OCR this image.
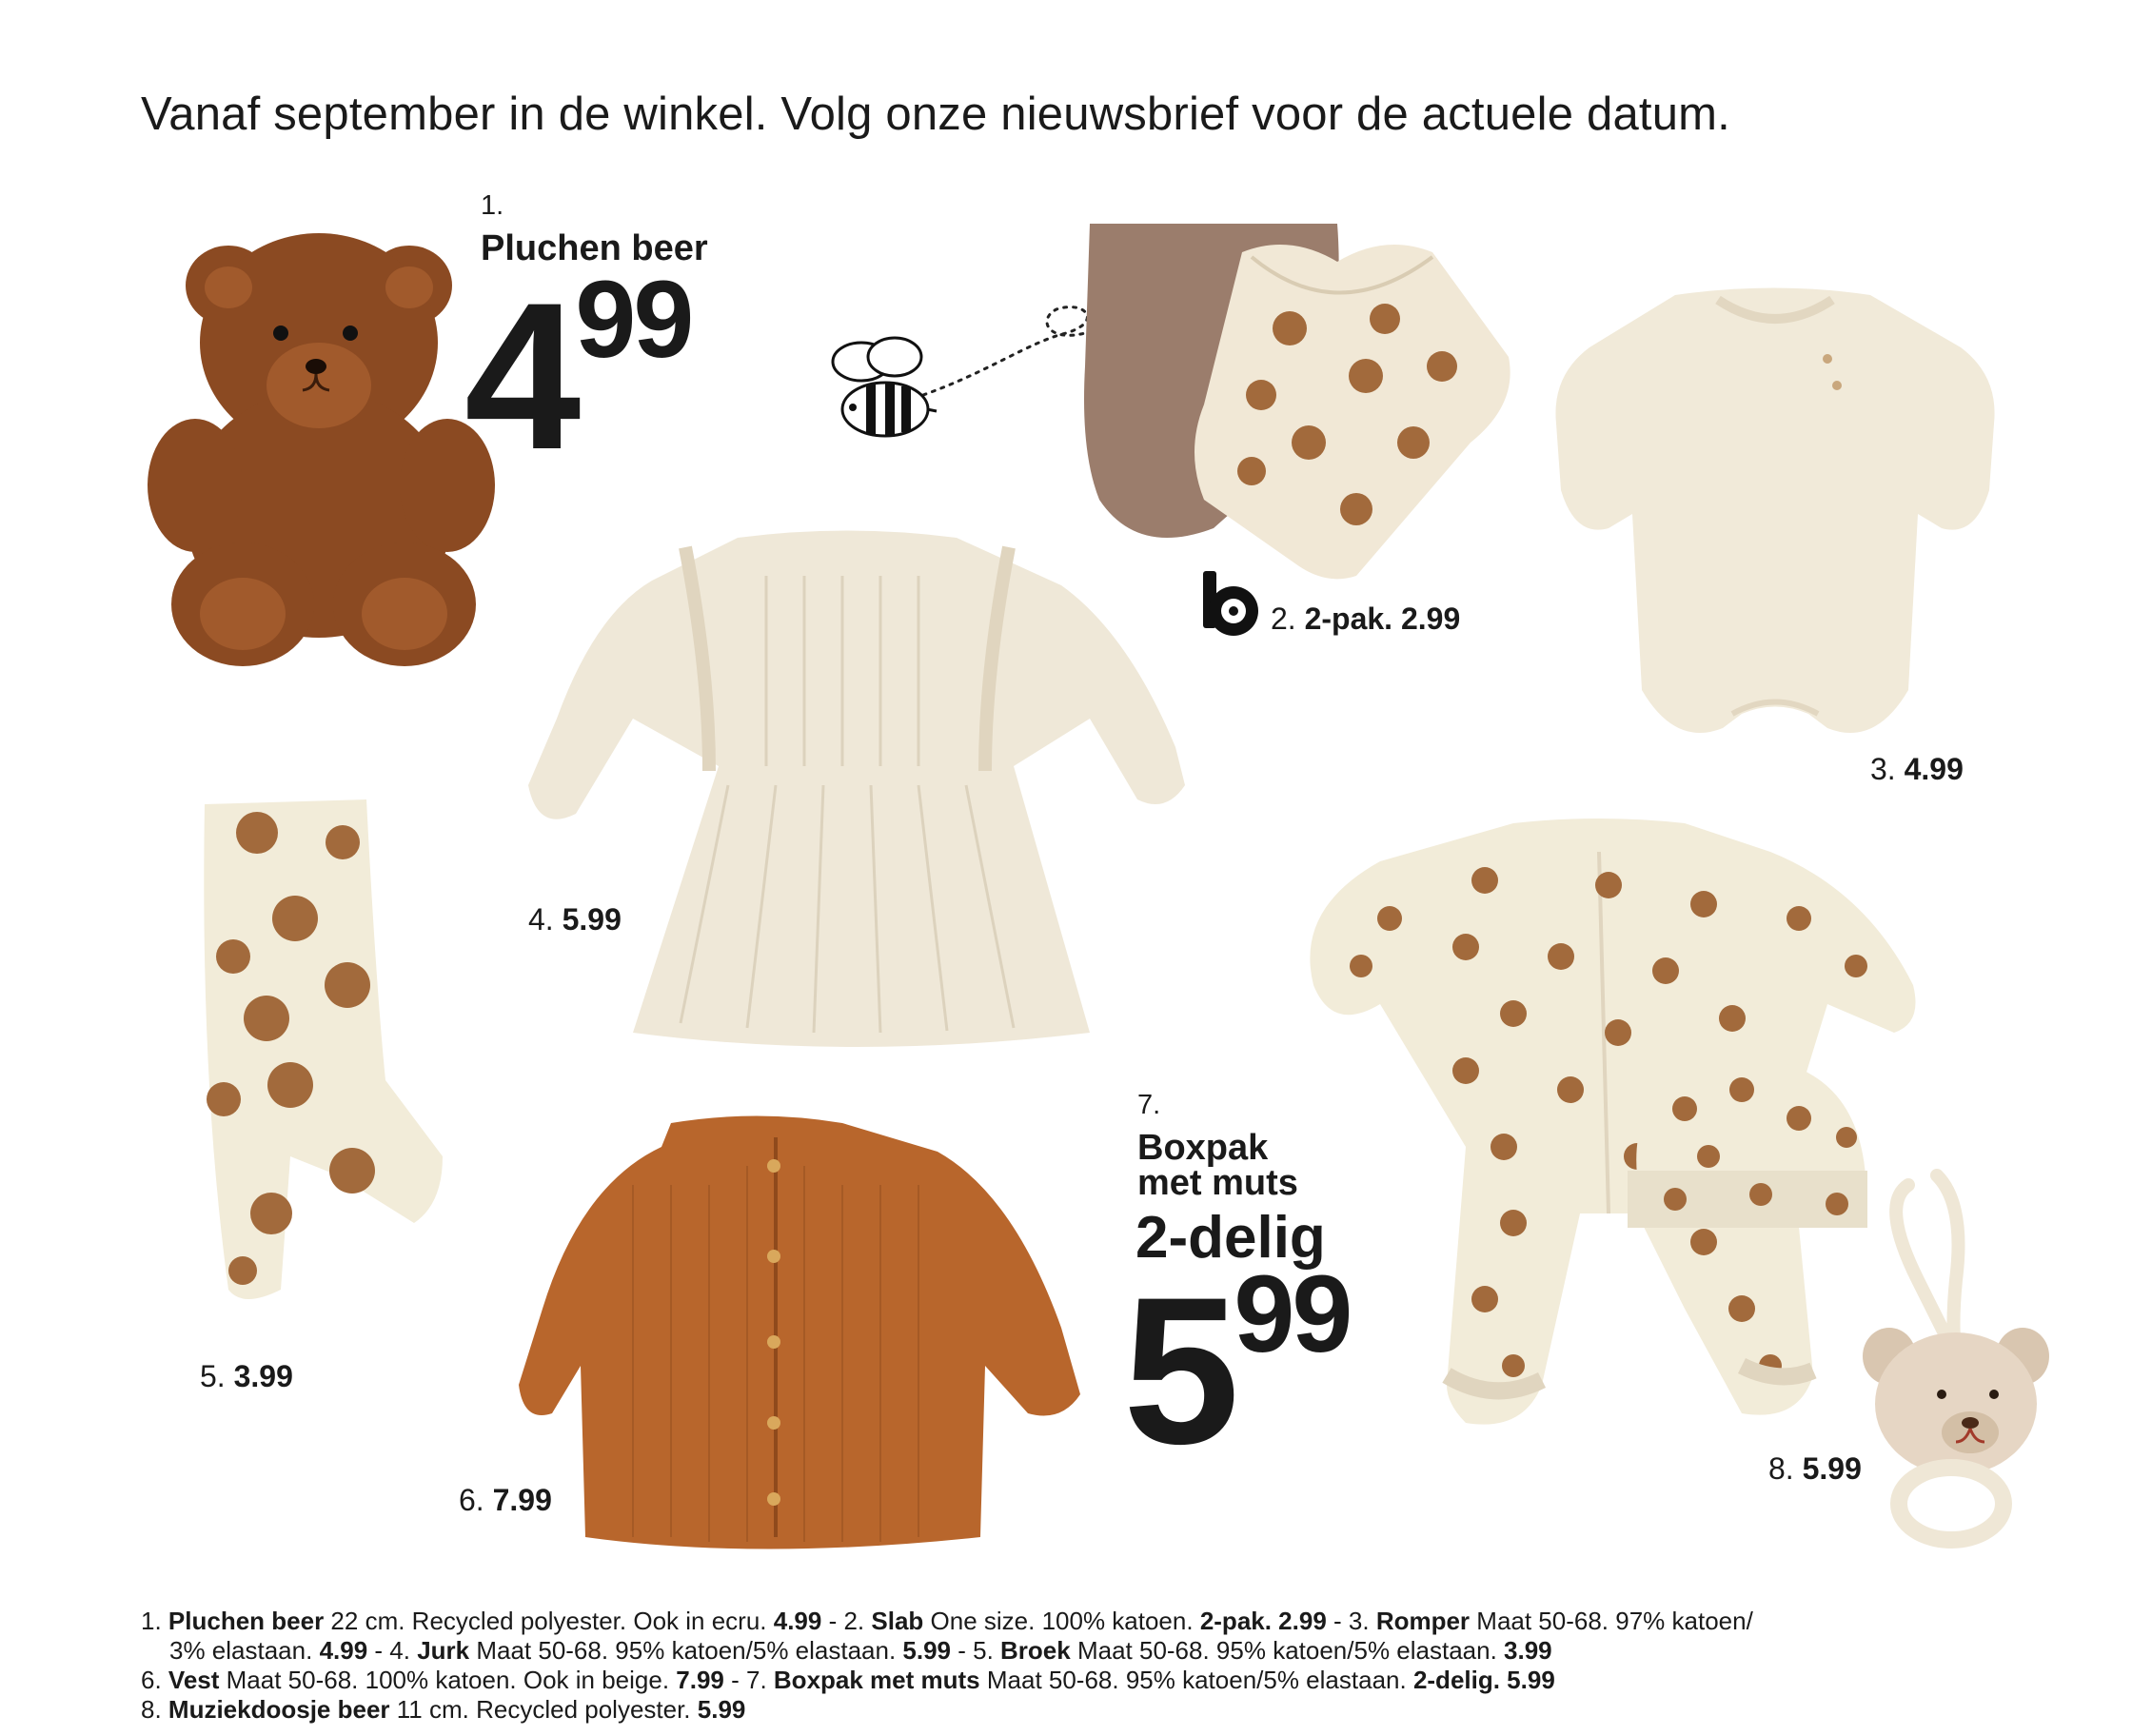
Vanaf september in de winkel. Volg onze nieuwsbrief voor de actuele datum.
1.
Pluchen beer
499
2. 2-pak. 2.99
3. 4.99
4. 5.99
5. 3.99
6. 7.99
7.
Boxpak
met muts
2-delig
599
8. 5.99

1. Pluchen beer 22 cm. Recycled polyester. Ook in ecru. 4.99 - 2. Slab One size. 100% katoen. 2-pak. 2.99 - 3. Romper Maat 50-68. 97% katoen/

3% elastaan. 4.99 - 4. Jurk Maat 50-68. 95% katoen/5% elastaan. 5.99 - 5. Broek Maat 50-68. 95% katoen/5% elastaan. 3.99

6. Vest Maat 50-68. 100% katoen. Ook in beige. 7.99 - 7. Boxpak met muts Maat 50-68. 95% katoen/5% elastaan. 2-delig. 5.99

8. Muziekdoosje beer 11 cm. Recycled polyester. 5.99
